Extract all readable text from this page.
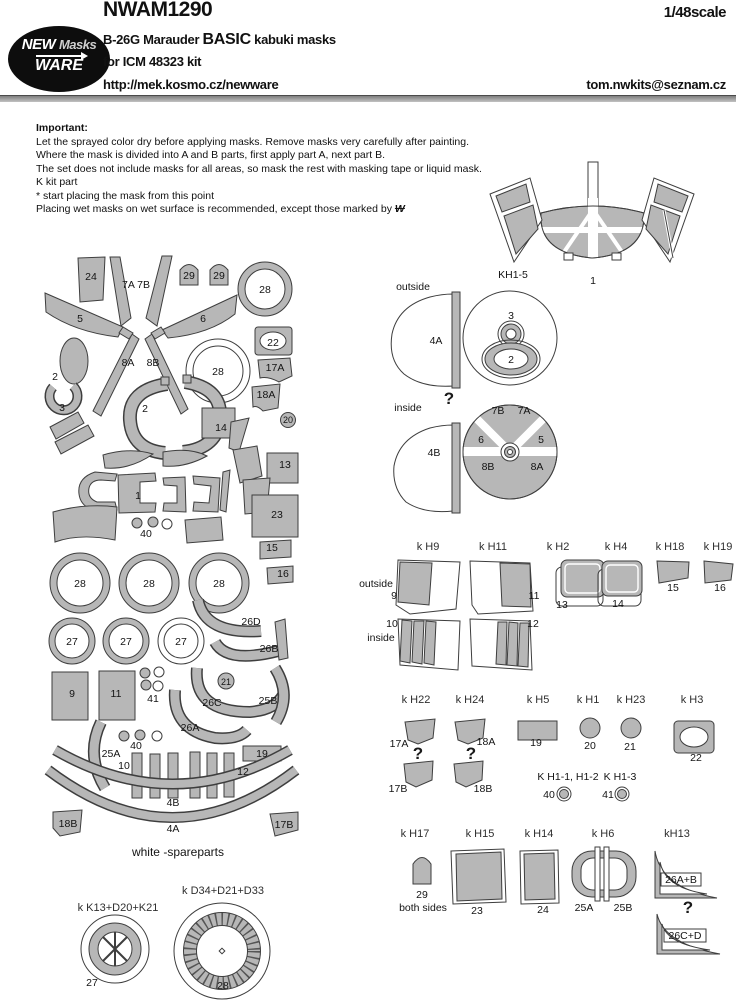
NEW Masks
WARE
NWAM1290	1/48scale
B-26G Marauder BASIC kabuki masks
for ICM 48323 kit
http://mek.kosmo.cz/newware	tom.nwkits@seznam.cz
Important:
Let the sprayed color dry before applying masks. Remove masks very carefully after painting.
Where the mask is divided into A and B parts, first apply part A, next part B.
The set does not include masks for all areas, so mask the rest with masking tape or liquid mask.
K kit part
* start placing the mask from this point
Placing wet masks on wet surface is recommended, except those marked by W
KH1-5	1
24
7A 7B
29 29
28
5	6
22
2
8A 8B
28	17A
18A
20
3	2
14
13
1
23
40
15
16
28	28	28
27	27	27
26D
26B
9	11 41
21
26C	25B
26A
40
25A	19
10	12
4B
18B	4A	17B
white -spareparts
outside
4A
3
2
?
inside
4B
7B 7A
6	5
8B	8A
k H9	k H11	k H2	k H4	k H18 k H19
outside
9	11
10
inside
12
13	14
15	16
k H22 k H24	k H5 k H1 k H23	k H3
17A ?
17B
18A
?
18B
19	20	21
22
K H1-1, H1-2
40
K H1-3
41
k H17	k H15	k H14	k H6	kH13
29
both sides 23	24 25A 25B
26A+B
?
26C+D
k K13+D20+K21
27
k D34+D21+D33
28
